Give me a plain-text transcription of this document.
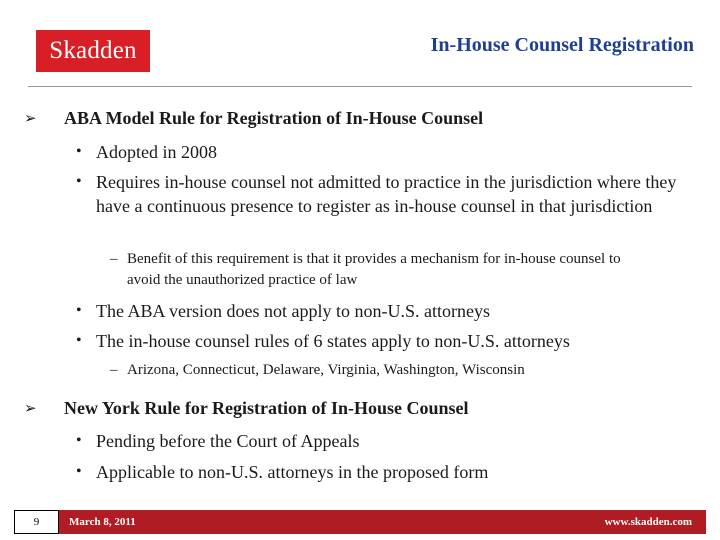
Skadden	In-House Counsel Registration
➢ ABA Model Rule for Registration of In-House Counsel
• Adopted in 2008
• Requires in-house counsel not admitted to practice in the jurisdiction where they have a continuous presence to register as in-house counsel in that jurisdiction
– Benefit of this requirement is that it provides a mechanism for in-house counsel to avoid the unauthorized practice of law
• The ABA version does not apply to non-U.S. attorneys
• The in-house counsel rules of 6 states apply to non-U.S. attorneys
– Arizona, Connecticut, Delaware, Virginia, Washington, Wisconsin
➢ New York Rule for Registration of In-House Counsel
• Pending before the Court of Appeals
• Applicable to non-U.S. attorneys in the proposed form
9	March 8, 2011	www.skadden.com
